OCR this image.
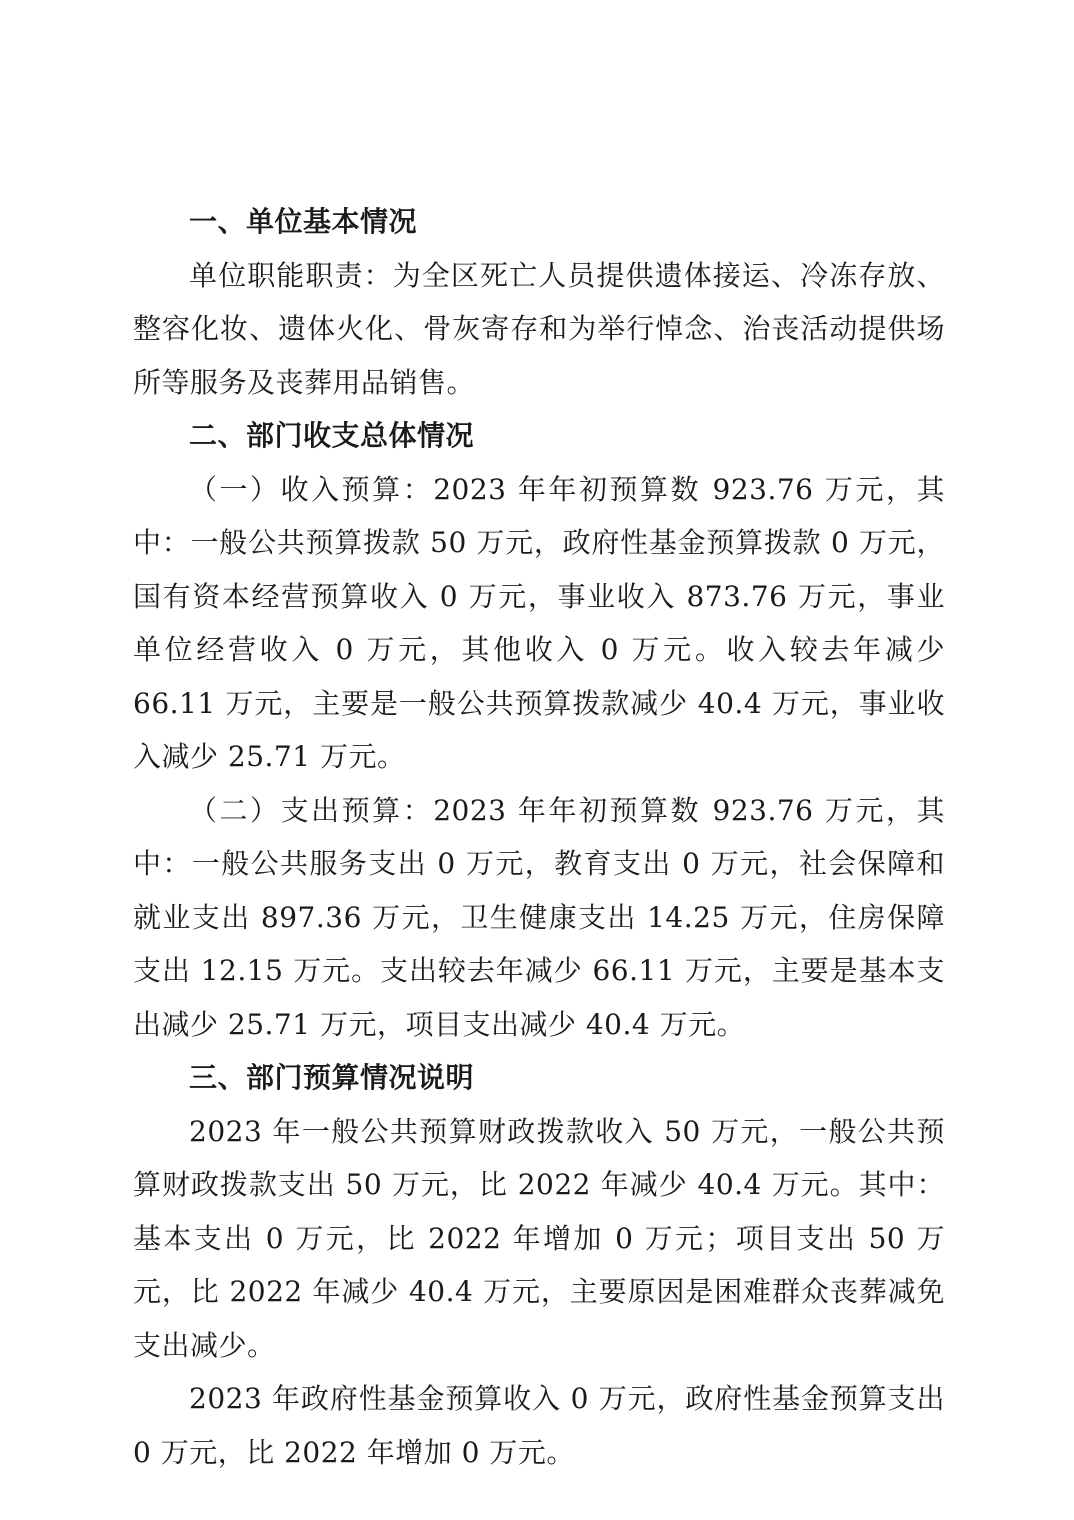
一、单位基本情况

单位职能职责：为全区死亡人员提供遗体接运、冷冻存放、整容化妆、遗体火化、骨灰寄存和为举行悼念、治丧活动提供场所等服务及丧葬用品销售。

二、部门收支总体情况

（一）收入预算：2023 年年初预算数 923.76 万元，其中：一般公共预算拨款 50 万元，政府性基金预算拨款 0 万元，国有资本经营预算收入 0 万元，事业收入 873.76 万元，事业单位经营收入 0 万元，其他收入 0 万元。收入较去年减少 66.11 万元，主要是一般公共预算拨款减少 40.4 万元，事业收入减少 25.71 万元。

（二）支出预算：2023 年年初预算数 923.76 万元，其中：一般公共服务支出 0 万元，教育支出 0 万元，社会保障和就业支出 897.36 万元，卫生健康支出 14.25 万元，住房保障支出 12.15 万元。支出较去年减少 66.11 万元，主要是基本支出减少 25.71 万元，项目支出减少 40.4 万元。

三、部门预算情况说明

2023 年一般公共预算财政拨款收入 50 万元，一般公共预算财政拨款支出 50 万元，比 2022 年减少 40.4 万元。其中：基本支出 0 万元，比 2022 年增加 0 万元；项目支出 50 万元，比 2022 年减少 40.4 万元，主要原因是困难群众丧葬减免支出减少。

2023 年政府性基金预算收入 0 万元，政府性基金预算支出 0 万元，比 2022 年增加 0 万元。
